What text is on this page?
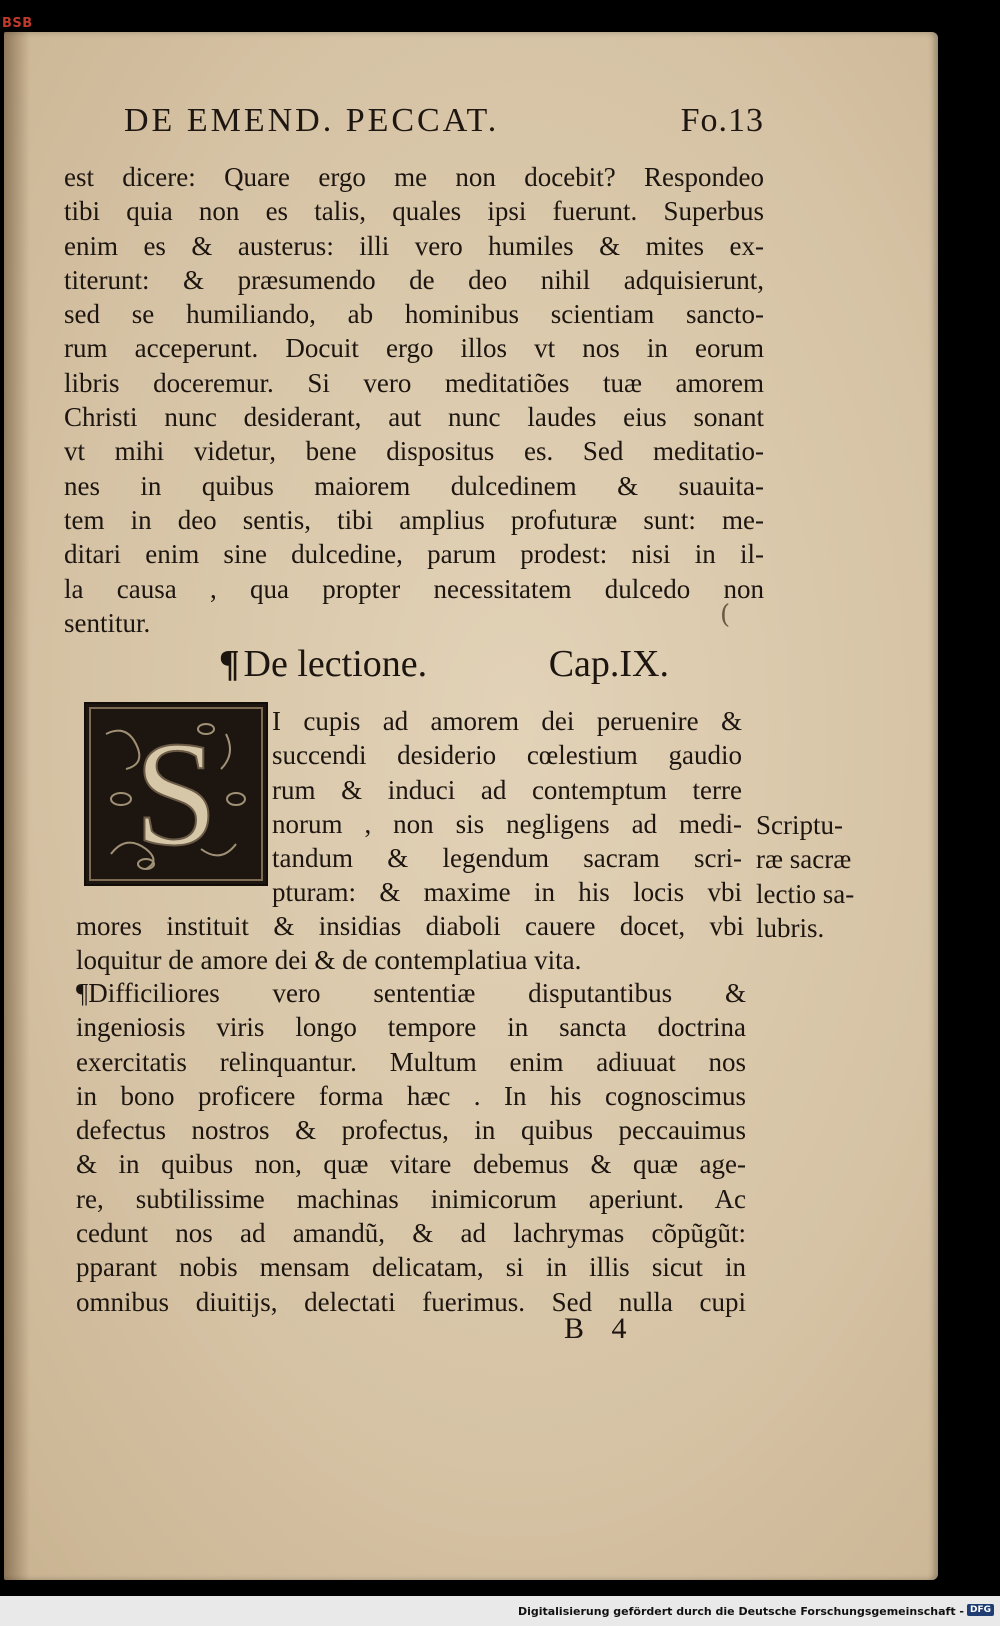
BSB
DE EMEND. PECCAT.	Fo.13
est dicere: Quare ergo me non docebit? Respondeo
tibi quia non es talis, quales ipsi fuerunt. Superbus
enim es & austerus: illi vero humiles & mites ex-
titerunt: & præsumendo de deo nihil adquisierunt,
sed se humiliando, ab hominibus scientiam sancto-
rum acceperunt. Docuit ergo illos vt nos in eorum
libris doceremur. Si vero meditatiões tuæ amorem
Christi nunc desiderant, aut nunc laudes eius sonant
vt mihi videtur, bene dispositus es. Sed meditatio-
nes in quibus maiorem dulcedinem & suauita-
tem in deo sentis, tibi amplius profuturæ sunt: me-
ditari enim sine dulcedine, parum prodest: nisi in il-
la causa , qua propter necessitatem dulcedo non
sentitur.	(
¶ De lectione.	Cap.IX.
S I cupis ad amorem dei peruenire &
succendi desiderio cœlestium gaudio
rum & induci ad contemptum terre
norum , non sis negligens ad medi-
tandum & legendum sacram scri-
pturam: & maxime in his locis vbi
mores instituit & insidias diaboli cauere docet, vbi
loquitur de amore dei & de contemplatiua vita.
Scriptu-
ræ sacræ
lectio sa-
lubris.
¶Difficiliores vero sententiæ disputantibus &
ingeniosis viris longo tempore in sancta doctrina
exercitatis relinquantur. Multum enim adiuuat nos
in bono proficere forma hæc . In his cognoscimus
defectus nostros & profectus, in quibus peccauimus
& in quibus non, quæ vitare debemus & quæ age-
re, subtilissime machinas inimicorum aperiunt. Ac
cedunt nos ad amandũ, & ad lachrymas cõpũgũt:
pparant nobis mensam delicatam, si in illis sicut in
omnibus diuitijs, delectati fuerimus. Sed nulla cupi
B 4
Digitalisierung gefördert durch die Deutsche Forschungsgemeinschaft - DFG
